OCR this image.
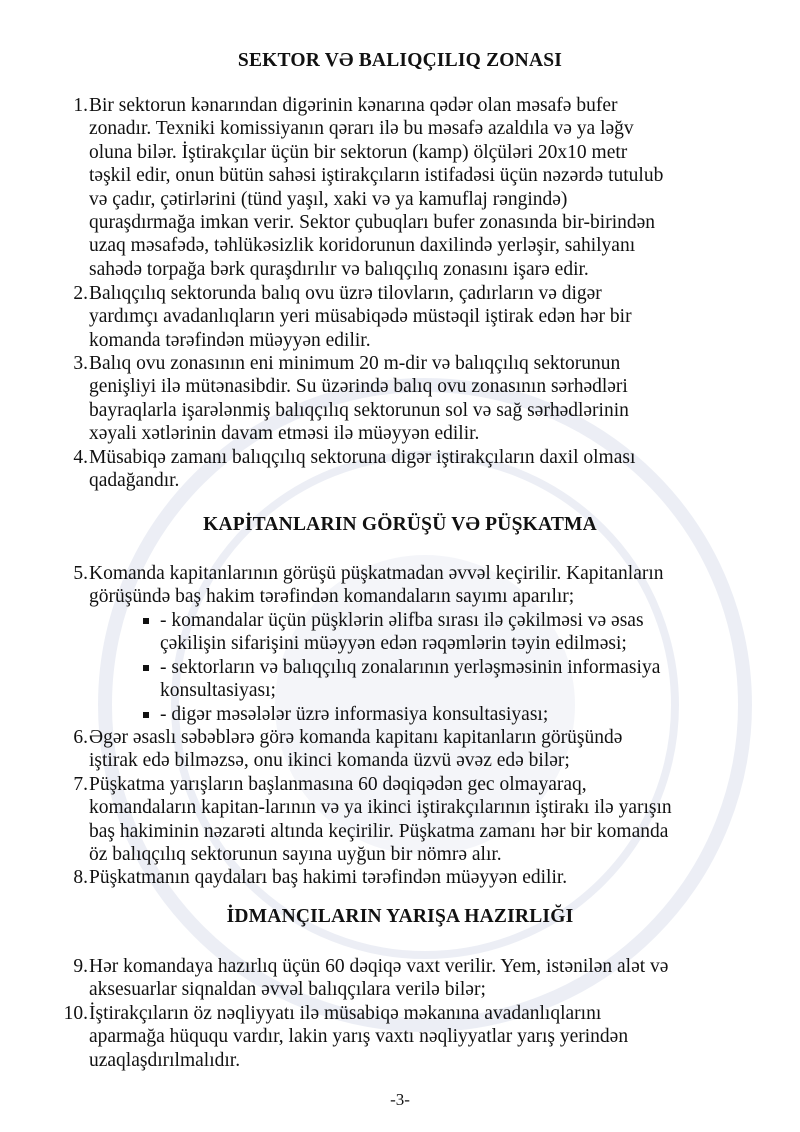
SEKTOR VƏ BALIQÇILIQ ZONASI
1. Bir sektorun kənarından digərinin kənarına qədər olan məsafə bufer
zonadır. Texniki komissiyanın qərarı ilə bu məsafə azaldıla və ya ləğv
oluna bilər. İştirakçılar üçün bir sektorun (kamp) ölçüləri 20x10 metr
təşkil edir, onun bütün sahəsi iştirakçıların istifadəsi üçün nəzərdə tutulub
və çadır, çətirlərini (tünd yaşıl, xaki və ya kamuflaj rəngində)
quraşdırmağa imkan verir. Sektor çubuqları bufer zonasında bir-birindən
uzaq məsafədə, təhlükəsizlik koridorunun daxilində yerləşir, sahilyanı
sahədə torpağa bərk quraşdırılır və balıqçılıq zonasını işarə edir.
2. Balıqçılıq sektorunda balıq ovu üzrə tilovların, çadırların və digər
yardımçı avadanlıqların yeri müsabiqədə müstəqil iştirak edən hər bir
komanda tərəfindən müəyyən edilir.
3. Balıq ovu zonasının eni minimum 20 m-dir və balıqçılıq sektorunun
genişliyi ilə mütənasibdir. Su üzərində balıq ovu zonasının sərhədləri
bayraqlarla işarələnmiş balıqçılıq sektorunun sol və sağ sərhədlərinin
xəyali xətlərinin davam etməsi ilə müəyyən edilir.
4. Müsabiqə zamanı balıqçılıq sektoruna digər iştirakçıların daxil olması
qadağandır.
KAPİTANLARIN GÖRÜŞÜ VƏ PÜŞKATMA
5. Komanda kapitanlarının görüşü püşkatmadan əvvəl keçirilir. Kapitanların
görüşündə baş hakim tərəfindən komandaların sayımı aparılır;
- komandalar üçün püşklərin əlifba sırası ilə çəkilməsi və əsas
çəkilişin sifarişini müəyyən edən rəqəmlərin təyin edilməsi;
- sektorların və balıqçılıq zonalarının yerləşməsinin informasiya
konsultasiyası;
- digər məsələlər üzrə informasiya konsultasiyası;
6. Əgər əsaslı səbəblərə görə komanda kapitanı kapitanların görüşündə
iştirak edə bilməzsə, onu ikinci komanda üzvü əvəz edə bilər;
7. Püşkatma yarışların başlanmasına 60 dəqiqədən gec olmayaraq,
komandaların kapitan-larının və ya ikinci iştirakçılarının iştirakı ilə yarışın
baş hakiminin nəzarəti altında keçirilir. Püşkatma zamanı hər bir komanda
öz balıqçılıq sektorunun sayına uyğun bir nömrə alır.
8. Püşkatmanın qaydaları baş hakimi tərəfindən müəyyən edilir.
İDMANÇILARIN YARIŞA HAZIRLIĞI
9. Hər komandaya hazırlıq üçün 60 dəqiqə vaxt verilir. Yem, istənilən alət və
aksesuarlar siqnaldan əvvəl balıqçılara verilə bilər;
10. İştirakçıların öz nəqliyyatı ilə müsabiqə məkanına avadanlıqlarını
aparmağa hüququ vardır, lakin yarış vaxtı nəqliyyatlar yarış yerindən
uzaqlaşdırılmalıdır.
-3-
